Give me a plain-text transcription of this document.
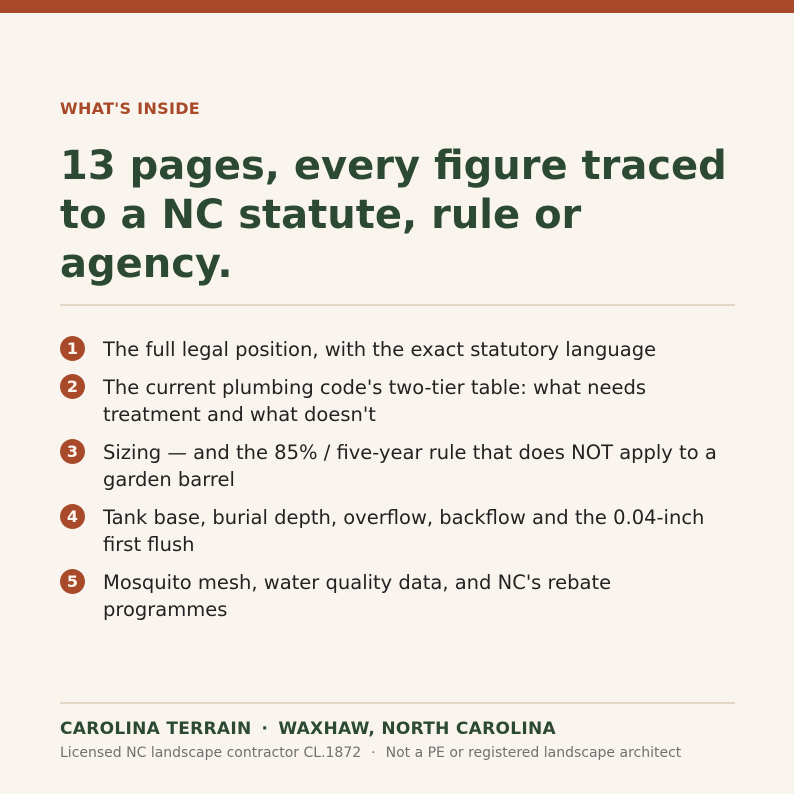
WHAT'S INSIDE
13 pages, every figure traced to a NC statute, rule or agency.
1	The full legal position, with the exact statutory language
2	The current plumbing code's two-tier table: what needs treatment and what doesn't
3	Sizing — and the 85% / five-year rule that does NOT apply to a garden barrel
4	Tank base, burial depth, overflow, backflow and the 0.04-inch first flush
5	Mosquito mesh, water quality data, and NC's rebate programmes
CAROLINA TERRAIN · WAXHAW, NORTH CAROLINA
Licensed NC landscape contractor CL.1872 · Not a PE or registered landscape architect
